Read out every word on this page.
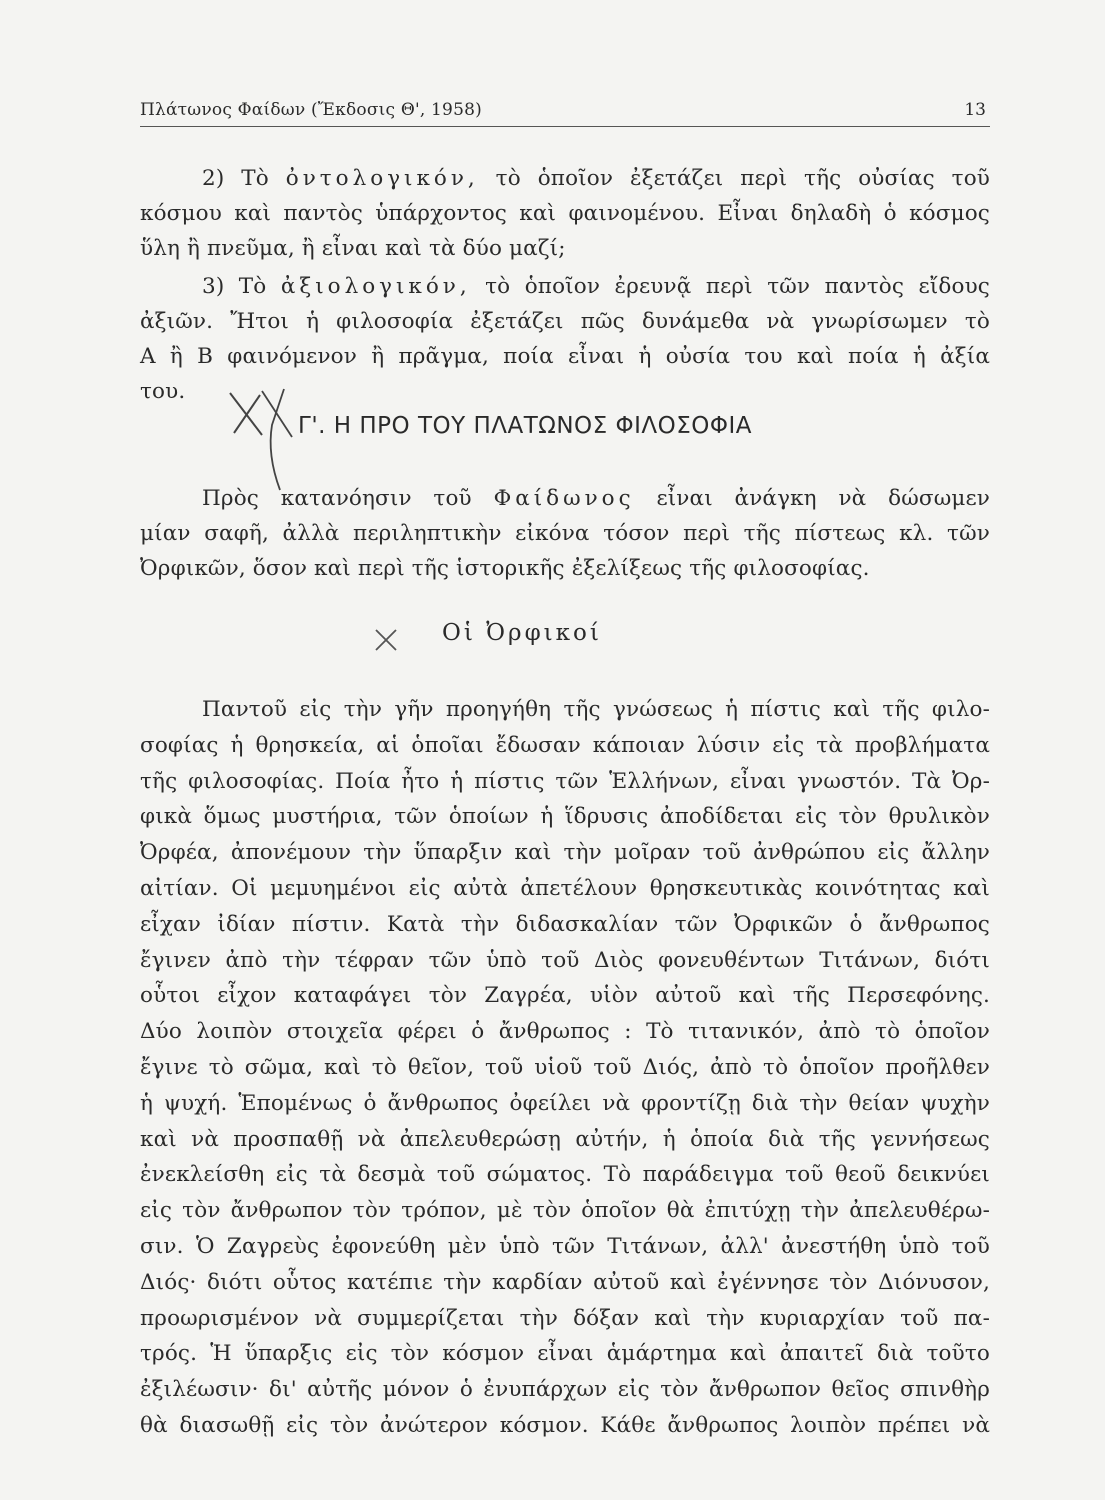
Πλάτωνος Φαίδων (Ἔκδοσις Θ', 1958)	13
2) Τὸ ὀντολογικόν, τὸ ὁποῖον ἐξετάζει περὶ τῆς οὐσίας τοῦ
κόσμου καὶ παντὸς ὑπάρχοντος καὶ φαινομένου. Εἶναι δηλαδὴ ὁ κόσμος
ὕλη ἢ πνεῦμα, ἢ εἶναι καὶ τὰ δύο μαζί;
3) Τὸ ἀξιολογικόν, τὸ ὁποῖον ἐρευνᾷ περὶ τῶν παντὸς εἴδους
ἀξιῶν. Ἤτοι ἡ φιλοσοφία ἐξετάζει πῶς δυνάμεθα νὰ γνωρίσωμεν τὸ
Α ἢ Β φαινόμενον ἢ πρᾶγμα, ποία εἶναι ἡ οὐσία του καὶ ποία ἡ ἀξία
του.
Γ'. Η ΠΡΟ ΤΟΥ ΠΛΑΤΩΝΟΣ ΦΙΛΟΣΟΦΙΑ
Πρὸς κατανόησιν τοῦ Φαίδωνος εἶναι ἀνάγκη νὰ δώσωμεν
μίαν σαφῆ, ἀλλὰ περιληπτικὴν εἰκόνα τόσον περὶ τῆς πίστεως κλ. τῶν
Ὀρφικῶν, ὅσον καὶ περὶ τῆς ἱστορικῆς ἐξελίξεως τῆς φιλοσοφίας.
Οἱ Ὀρφικοί
Παντοῦ εἰς τὴν γῆν προηγήθη τῆς γνώσεως ἡ πίστις καὶ τῆς φιλο-
σοφίας ἡ θρησκεία, αἱ ὁποῖαι ἔδωσαν κάποιαν λύσιν εἰς τὰ προβλήματα
τῆς φιλοσοφίας. Ποία ἦτο ἡ πίστις τῶν Ἑλλήνων, εἶναι γνωστόν. Τὰ Ὀρ-
φικὰ ὅμως μυστήρια, τῶν ὁποίων ἡ ἵδρυσις ἀποδίδεται εἰς τὸν θρυλικὸν
Ὀρφέα, ἀπονέμουν τὴν ὕπαρξιν καὶ τὴν μοῖραν τοῦ ἀνθρώπου εἰς ἄλλην
αἰτίαν. Οἱ μεμυημένοι εἰς αὐτὰ ἀπετέλουν θρησκευτικὰς κοινότητας καὶ
εἶχαν ἰδίαν πίστιν. Κατὰ τὴν διδασκαλίαν τῶν Ὀρφικῶν ὁ ἄνθρωπος
ἔγινεν ἀπὸ τὴν τέφραν τῶν ὑπὸ τοῦ Διὸς φονευθέντων Τιτάνων, διότι
οὗτοι εἶχον καταφάγει τὸν Ζαγρέα, υἱὸν αὐτοῦ καὶ τῆς Περσεφόνης.
Δύο λοιπὸν στοιχεῖα φέρει ὁ ἄνθρωπος : Τὸ τιτανικόν, ἀπὸ τὸ ὁποῖον
ἔγινε τὸ σῶμα, καὶ τὸ θεῖον, τοῦ υἱοῦ τοῦ Διός, ἀπὸ τὸ ὁποῖον προῆλθεν
ἡ ψυχή. Ἑπομένως ὁ ἄνθρωπος ὀφείλει νὰ φροντίζῃ διὰ τὴν θείαν ψυχὴν
καὶ νὰ προσπαθῇ νὰ ἀπελευθερώσῃ αὐτήν, ἡ ὁποία διὰ τῆς γεννήσεως
ἐνεκλείσθη εἰς τὰ δεσμὰ τοῦ σώματος. Τὸ παράδειγμα τοῦ θεοῦ δεικνύει
εἰς τὸν ἄνθρωπον τὸν τρόπον, μὲ τὸν ὁποῖον θὰ ἐπιτύχῃ τὴν ἀπελευθέρω-
σιν. Ὁ Ζαγρεὺς ἐφονεύθη μὲν ὑπὸ τῶν Τιτάνων, ἀλλ' ἀνεστήθη ὑπὸ τοῦ
Διός· διότι οὗτος κατέπιε τὴν καρδίαν αὐτοῦ καὶ ἐγέννησε τὸν Διόνυσον,
προωρισμένον νὰ συμμερίζεται τὴν δόξαν καὶ τὴν κυριαρχίαν τοῦ πα-
τρός. Ἡ ὕπαρξις εἰς τὸν κόσμον εἶναι ἁμάρτημα καὶ ἀπαιτεῖ διὰ τοῦτο
ἐξιλέωσιν· δι' αὐτῆς μόνον ὁ ἐνυπάρχων εἰς τὸν ἄνθρωπον θεῖος σπινθὴρ
θὰ διασωθῇ εἰς τὸν ἀνώτερον κόσμον. Κάθε ἄνθρωπος λοιπὸν πρέπει νὰ
